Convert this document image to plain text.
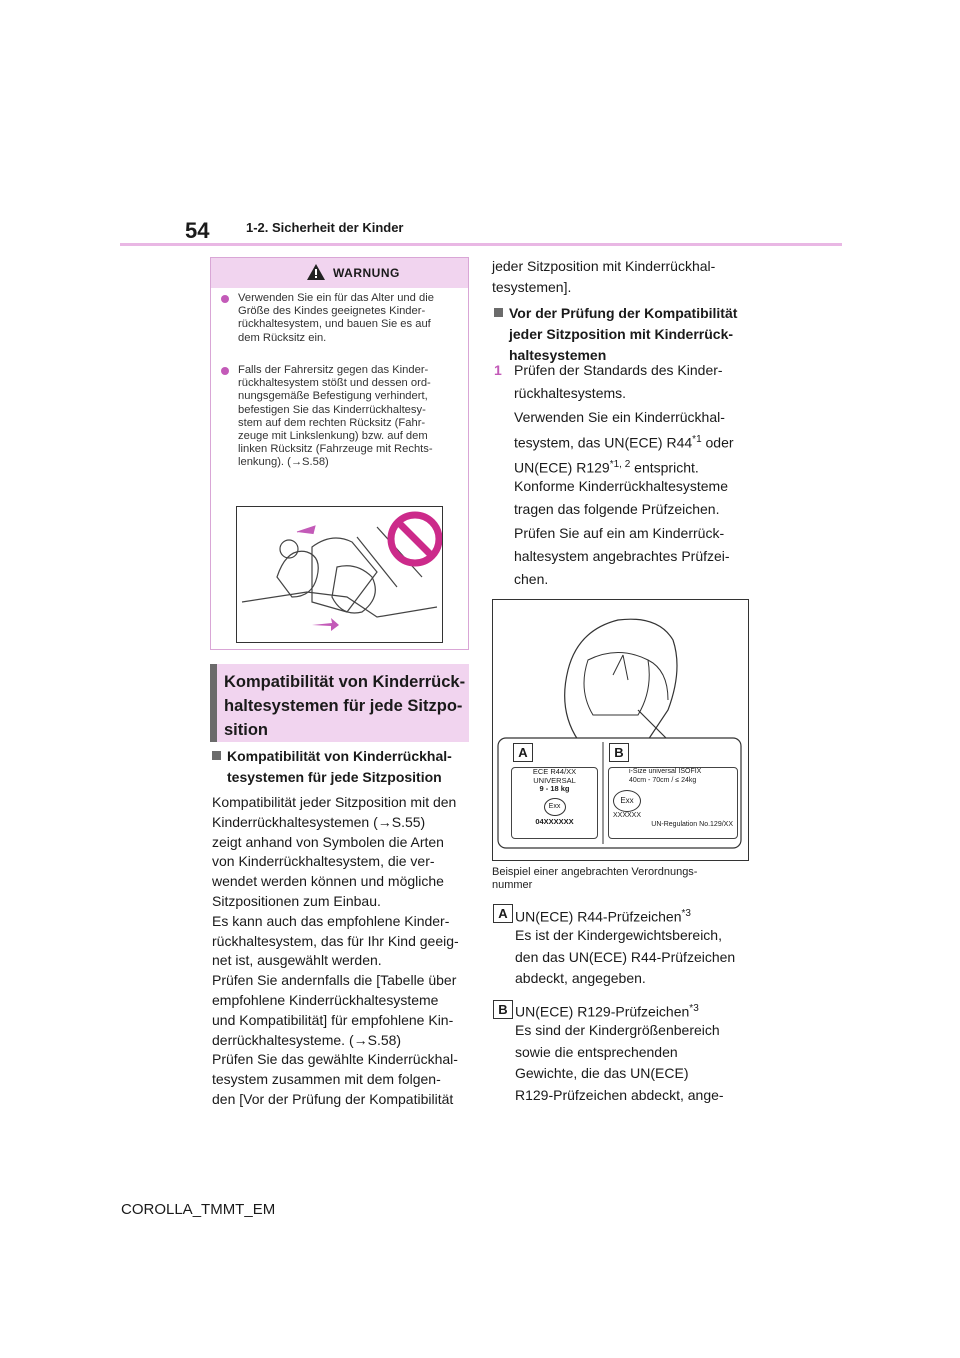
54	1-2. Sicherheit der Kinder
WARNUNG
Verwenden Sie ein für das Alter und die
Größe des Kindes geeignetes Kinder-
rückhaltesystem, und bauen Sie es auf
dem Rücksitz ein.
Falls der Fahrersitz gegen das Kinder-
rückhaltesystem stößt und dessen ord-
nungsgemäße Befestigung verhindert,
befestigen Sie das Kinderrückhaltesy-
stem auf dem rechten Rücksitz (Fahr-
zeuge mit Linkslenkung) bzw. auf dem
linken Rücksitz (Fahrzeuge mit Rechts-
lenkung). (→S.58)
Kompatibilität von Kinderrück-
haltesystemen für jede Sitzpo-
sition
Kompatibilität von Kinderrückhal-
tesystemen für jede Sitzposition
Kompatibilität jeder Sitzposition mit den
Kinderrückhaltesystemen (→S.55)
zeigt anhand von Symbolen die Arten
von Kinderrückhaltesystem, die ver-
wendet werden können und mögliche
Sitzpositionen zum Einbau.
Es kann auch das empfohlene Kinder-
rückhaltesystem, das für Ihr Kind geeig-
net ist, ausgewählt werden.
Prüfen Sie andernfalls die [Tabelle über
empfohlene Kinderrückhaltesysteme
und Kompatibilität] für empfohlene Kin-
derrückhaltesysteme. (→S.58)
Prüfen Sie das gewählte Kinderrückhal-
tesystem zusammen mit dem folgen-
den [Vor der Prüfung der Kompatibilität
jeder Sitzposition mit Kinderrückhal-
tesystemen].
Vor der Prüfung der Kompatibilität
jeder Sitzposition mit Kinderrück-
haltesystemen
1 Prüfen der Standards des Kinder-
rückhaltesystems.
Verwenden Sie ein Kinderrückhal-
tesystem, das UN(ECE) R44$^{*1}$ oder
UN(ECE) R129$^{*1, 2}$ entspricht.
Konforme Kinderrückhaltesysteme
tragen das folgende Prüfzeichen.
Prüfen Sie auf ein am Kinderrück-
haltesystem angebrachtes Prüfzei-
chen.
A	B
ECE R44/XX
UNIVERSAL
9 - 18 kg
Exx
04XXXXXX
i-Size universal ISOFIX
40cm - 70cm / ≤ 24kg
Exx
XXXXXX
UN-Regulation No.129/XX
Beispiel einer angebrachten Verordnungs-
nummer
A UN(ECE) R44-Prüfzeichen$^{*3}$
Es ist der Kindergewichtsbereich,
den das UN(ECE) R44-Prüfzeichen
abdeckt, angegeben.
B UN(ECE) R129-Prüfzeichen$^{*3}$
Es sind der Kindergrößenbereich
sowie die entsprechenden
Gewichte, die das UN(ECE)
R129-Prüfzeichen abdeckt, ange-
COROLLA_TMMT_EM
